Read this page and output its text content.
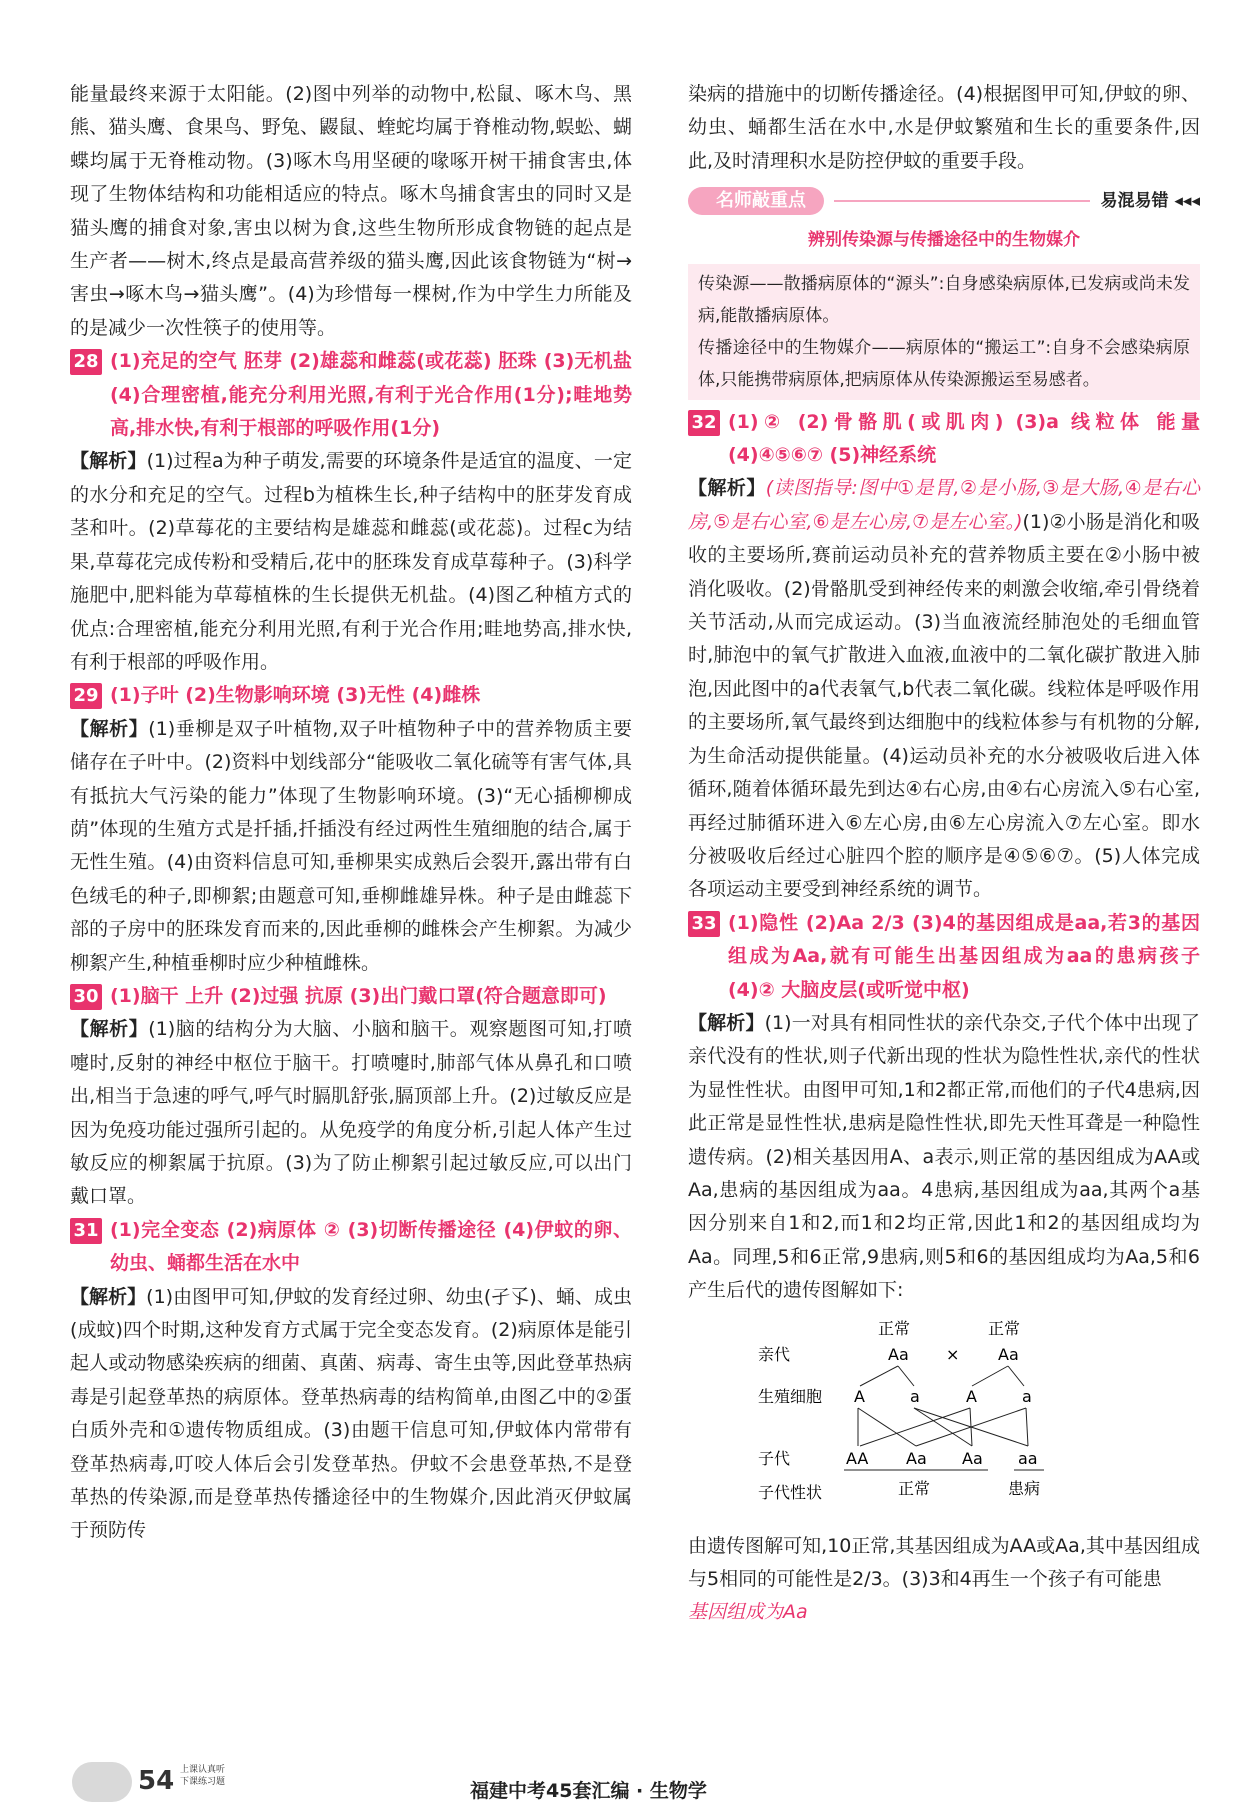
能量最终来源于太阳能。(2)图中列举的动物中,松鼠、啄木鸟、黑熊、猫头鹰、食果鸟、野兔、鼹鼠、蝰蛇均属于脊椎动物,蜈蚣、蝴蝶均属于无脊椎动物。(3)啄木鸟用坚硬的喙啄开树干捕食害虫,体现了生物体结构和功能相适应的特点。啄木鸟捕食害虫的同时又是猫头鹰的捕食对象,害虫以树为食,这些生物所形成食物链的起点是生产者——树木,终点是最高营养级的猫头鹰,因此该食物链为“树→害虫→啄木鸟→猫头鹰”。(4)为珍惜每一棵树,作为中学生力所能及的是减少一次性筷子的使用等。

28 (1)充足的空气 胚芽 (2)雄蕊和雌蕊(或花蕊) 胚珠 (3)无机盐 (4)合理密植,能充分利用光照,有利于光合作用(1分);畦地势高,排水快,有利于根部的呼吸作用(1分)

【解析】(1)过程a为种子萌发,需要的环境条件是适宜的温度、一定的水分和充足的空气。过程b为植株生长,种子结构中的胚芽发育成茎和叶。(2)草莓花的主要结构是雄蕊和雌蕊(或花蕊)。过程c为结果,草莓花完成传粉和受精后,花中的胚珠发育成草莓种子。(3)科学施肥中,肥料能为草莓植株的生长提供无机盐。(4)图乙种植方式的优点:合理密植,能充分利用光照,有利于光合作用;畦地势高,排水快,有利于根部的呼吸作用。

29 (1)子叶 (2)生物影响环境 (3)无性 (4)雌株

【解析】(1)垂柳是双子叶植物,双子叶植物种子中的营养物质主要储存在子叶中。(2)资料中划线部分“能吸收二氧化硫等有害气体,具有抵抗大气污染的能力”体现了生物影响环境。(3)“无心插柳柳成荫”体现的生殖方式是扦插,扦插没有经过两性生殖细胞的结合,属于无性生殖。(4)由资料信息可知,垂柳果实成熟后会裂开,露出带有白色绒毛的种子,即柳絮;由题意可知,垂柳雌雄异株。种子是由雌蕊下部的子房中的胚珠发育而来的,因此垂柳的雌株会产生柳絮。为减少柳絮产生,种植垂柳时应少种植雌株。

30 (1)脑干 上升 (2)过强 抗原 (3)出门戴口罩(符合题意即可)

【解析】(1)脑的结构分为大脑、小脑和脑干。观察题图可知,打喷嚏时,反射的神经中枢位于脑干。打喷嚏时,肺部气体从鼻孔和口喷出,相当于急速的呼气,呼气时膈肌舒张,膈顶部上升。(2)过敏反应是因为免疫功能过强所引起的。从免疫学的角度分析,引起人体产生过敏反应的柳絮属于抗原。(3)为了防止柳絮引起过敏反应,可以出门戴口罩。

31 (1)完全变态 (2)病原体 ② (3)切断传播途径 (4)伊蚊的卵、幼虫、蛹都生活在水中

【解析】(1)由图甲可知,伊蚊的发育经过卵、幼虫(孑孓)、蛹、成虫(成蚊)四个时期,这种发育方式属于完全变态发育。(2)病原体是能引起人或动物感染疾病的细菌、真菌、病毒、寄生虫等,因此登革热病毒是引起登革热的病原体。登革热病毒的结构简单,由图乙中的②蛋白质外壳和①遗传物质组成。(3)由题干信息可知,伊蚊体内常带有登革热病毒,叮咬人体后会引发登革热。伊蚊不会患登革热,不是登革热的传染源,而是登革热传播途径中的生物媒介,因此消灭伊蚊属于预防传

染病的措施中的切断传播途径。(4)根据图甲可知,伊蚊的卵、幼虫、蛹都生活在水中,水是伊蚊繁殖和生长的重要条件,因此,及时清理积水是防控伊蚊的重要手段。

名师敲重点	易混易错 ◂◂◂
辨别传染源与传播途径中的生物媒介
传染源——散播病原体的“源头”:自身感染病原体,已发病或尚未发病,能散播病原体。
传播途径中的生物媒介——病原体的“搬运工”:自身不会感染病原体,只能携带病原体,把病原体从传染源搬运至易感者。
32 (1)② (2)骨骼肌(或肌肉) (3)a 线粒体 能量 (4)④⑤⑥⑦ (5)神经系统

【解析】(读图指导:图中①是胃,②是小肠,③是大肠,④是右心房,⑤是右心室,⑥是左心房,⑦是左心室。)(1)②小肠是消化和吸收的主要场所,赛前运动员补充的营养物质主要在②小肠中被消化吸收。(2)骨骼肌受到神经传来的刺激会收缩,牵引骨绕着关节活动,从而完成运动。(3)当血液流经肺泡处的毛细血管时,肺泡中的氧气扩散进入血液,血液中的二氧化碳扩散进入肺泡,因此图中的a代表氧气,b代表二氧化碳。线粒体是呼吸作用的主要场所,氧气最终到达细胞中的线粒体参与有机物的分解,为生命活动提供能量。(4)运动员补充的水分被吸收后进入体循环,随着体循环最先到达④右心房,由④右心房流入⑤右心室,再经过肺循环进入⑥左心房,由⑥左心房流入⑦左心室。即水分被吸收后经过心脏四个腔的顺序是④⑤⑥⑦。(5)人体完成各项运动主要受到神经系统的调节。

33 (1)隐性 (2)Aa 2/3 (3)4的基因组成是aa,若3的基因组成为Aa,就有可能生出基因组成为aa的患病孩子 (4)② 大脑皮层(或听觉中枢)

【解析】(1)一对具有相同性状的亲代杂交,子代个体中出现了亲代没有的性状,则子代新出现的性状为隐性性状,亲代的性状为显性性状。由图甲可知,1和2都正常,而他们的子代4患病,因此正常是显性性状,患病是隐性性状,即先天性耳聋是一种隐性遗传病。(2)相关基因用A、a表示,则正常的基因组成为AA或Aa,患病的基因组成为aa。4患病,基因组成为aa,其两个a基因分别来自1和2,而1和2均正常,因此1和2的基因组成均为Aa。同理,5和6正常,9患病,则5和6的基因组成均为Aa,5和6产生后代的遗传图解如下:

正常	正常
亲代	Aa × Aa
生殖细胞 A	a	A	a
子代	AA Aa Aa aa
子代性状	正常	患病

由遗传图解可知,10正常,其基因组成为AA或Aa,其中基因组成与5相同的可能性是2/3。(3)3和4再生一个孩子有可能患

基因组成为Aa

54 上课认真听
下课练习题	福建中考45套汇编 · 生物学
